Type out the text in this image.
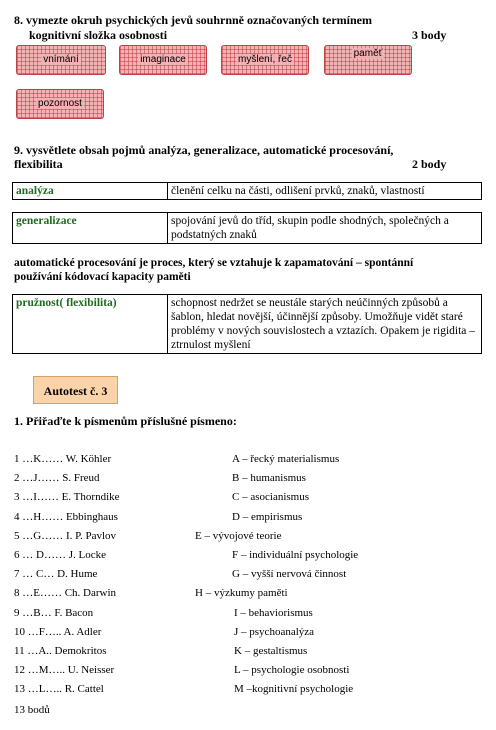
8. vymezte okruh psychických jevů souhrnně označovaných termínem
kognitivní složka osobnosti	3 body
vnímání	imaginace	myšlení, řeč
paměť
pozornost
9. vysvětlete obsah pojmů analýza, generalizace, automatické procesování,
flexibilita	2 body
analýza	členění celku na části, odlišení prvků, znaků, vlastností
generalizace	spojování jevů do tříd, skupin podle shodných, společných a podstatných znaků
automatické procesování je proces, který se vztahuje k zapamatování – spontánní
používání kódovací kapacity paměti
pružnost( flexibilita)	schopnost nedržet se neustále starých neúčinných způsobů a šablon, hledat novější, účinnější způsoby. Umožňuje vidět staré problémy v nových souvislostech a vztazích. Opakem je rigidita – ztrnulost myšlení
Autotest č. 3
1. Přiřaďte k písmenům příslušné písmeno:
1 …K…… W. Köhler	A – řecký materialismus
2 …J…… S. Freud	B – humanismus
3 …I…… E. Thorndike	C – asocianismus
4 …H…… Ebbinghaus	D – empirismus
5 …G…… I. P. Pavlov	E – vývojové teorie
6 … D…… J. Locke	F – individuální psychologie
7 … C… D. Hume	G – vyšší nervová činnost
8 …E…… Ch. Darwin	H – výzkumy paměti
9 …B… F. Bacon	I – behaviorismus
10 …F….. A. Adler	J – psychoanalýza
11 …A.. Demokritos	K – gestaltismus
12 …M….. U. Neisser	L – psychologie osobnosti
13 …L….. R. Cattel	M –kognitivní psychologie
13 bodů
